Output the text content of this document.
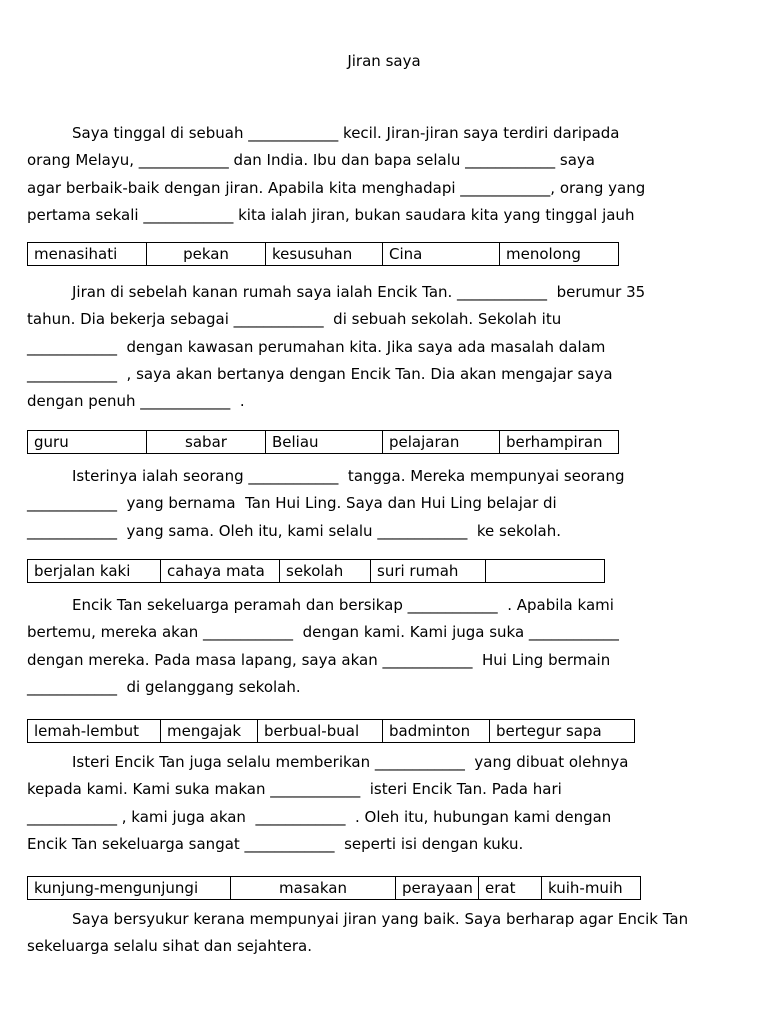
Jiran saya
Saya tinggal di sebuah ____________ kecil. Jiran-jiran saya terdiri daripada
orang Melayu, ____________ dan India. Ibu dan bapa selalu ____________ saya
agar berbaik-baik dengan jiran. Apabila kita menghadapi ____________, orang yang
pertama sekali ____________ kita ialah jiran, bukan saudara kita yang tinggal jauh
menasihati	pekan	kesusuhan	Cina	menolong
Jiran di sebelah kanan rumah saya ialah Encik Tan. ____________  berumur 35
tahun. Dia bekerja sebagai ____________  di sebuah sekolah. Sekolah itu
____________  dengan kawasan perumahan kita. Jika saya ada masalah dalam
____________  , saya akan bertanya dengan Encik Tan. Dia akan mengajar saya
dengan penuh ____________  .
guru	sabar	Beliau	pelajaran	berhampiran
Isterinya ialah seorang ____________  tangga. Mereka mempunyai seorang
____________  yang bernama  Tan Hui Ling. Saya dan Hui Ling belajar di
____________  yang sama. Oleh itu, kami selalu ____________  ke sekolah.
berjalan kaki	cahaya mata	sekolah	suri rumah	
Encik Tan sekeluarga peramah dan bersikap ____________  . Apabila kami
bertemu, mereka akan ____________  dengan kami. Kami juga suka ____________
dengan mereka. Pada masa lapang, saya akan ____________  Hui Ling bermain
____________  di gelanggang sekolah.
lemah-lembut	mengajak	berbual-bual	badminton	bertegur sapa
Isteri Encik Tan juga selalu memberikan ____________  yang dibuat olehnya
kepada kami. Kami suka makan ____________  isteri Encik Tan. Pada hari
____________ , kami juga akan  ____________  . Oleh itu, hubungan kami dengan
Encik Tan sekeluarga sangat ____________  seperti isi dengan kuku.
kunjung-mengunjungi	masakan	perayaan	erat	kuih-muih
Saya bersyukur kerana mempunyai jiran yang baik. Saya berharap agar Encik Tan
sekeluarga selalu sihat dan sejahtera.
